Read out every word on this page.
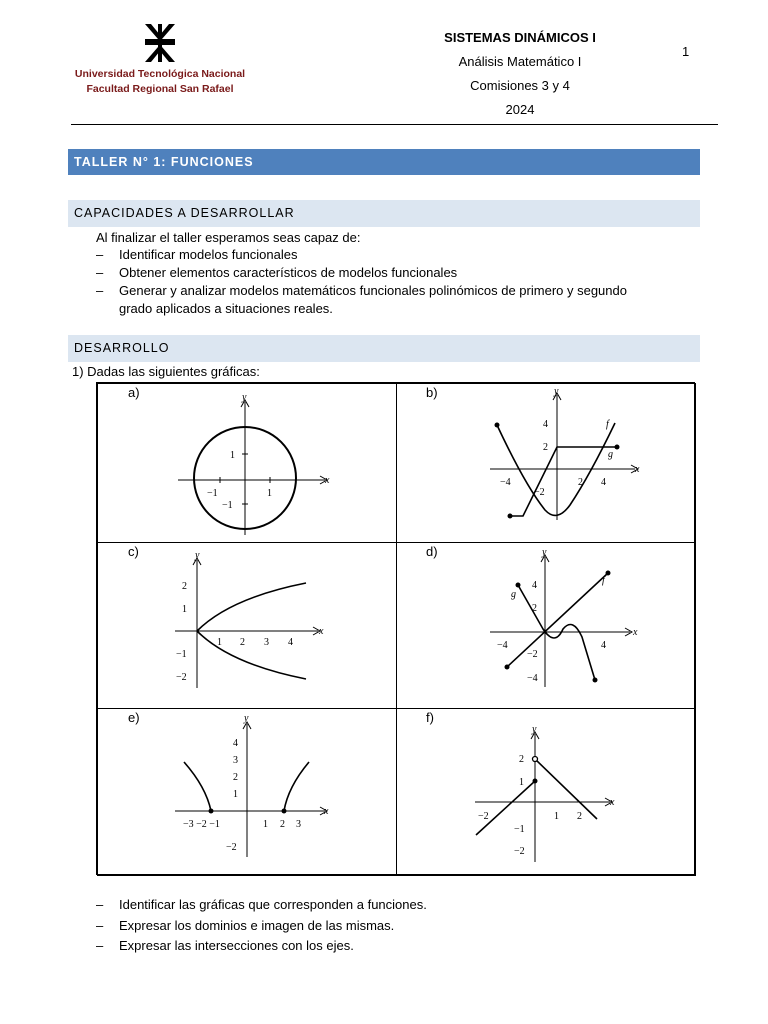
Universidad Tecnológica Nacional
Facultad Regional San Rafael
SISTEMAS DINÁMICOS I
Análisis Matemático I
Comisiones 3 y 4
2024
1
TALLER N° 1: FUNCIONES
CAPACIDADES A DESARROLLAR
Al finalizar el taller esperamos seas capaz de:
– Identificar modelos funcionales
– Obtener elementos característicos de modelos funcionales
– Generar y analizar modelos matemáticos funcionales polinómicos de primero y segundo
grado aplicados a situaciones reales.
DESARROLLO
1) Dadas las siguientes gráficas:
a)	b)
c)	d)
e)	f)
y
x
1
−1	1
−1
y
x
4
2
−4
−2
2 4
f
g
y
x
2
1
−1
−2
1 2 3 4
y
x
4
2
−2
−4
−4	4
f
g
y
x
4
3
2
1
−2
−3 −2 −1	1 2 3
y
x
2
1
−1
−2
−2	1 2
– Identificar las gráficas que corresponden a funciones.
– Expresar los dominios e imagen de las mismas.
– Expresar las intersecciones con los ejes.
